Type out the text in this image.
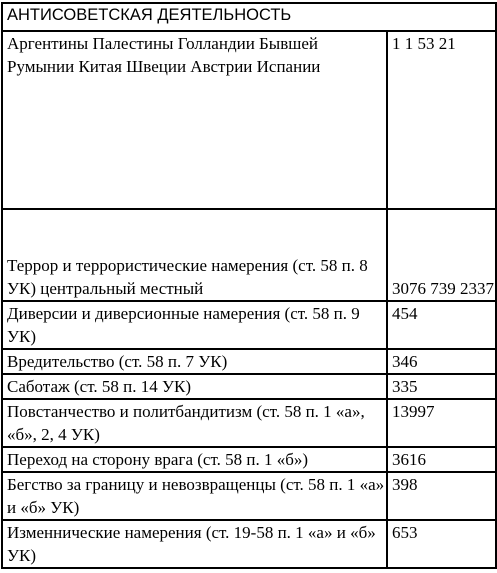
АНТИСОВЕТСКАЯ ДЕЯТЕЛЬНОСТЬ	
Аргентины Палестины Голландии Бывшей Румынии Китая Швеции Австрии Испании	1 1 53 21
Террор и террористические намерения (ст. 58 п. 8 УК) центральный местный	3076 739 2337
Диверсии и диверсионные намерения (ст. 58 п. 9 УК)	454
Вредительство (ст. 58 п. 7 УК)	346
Саботаж (ст. 58 п. 14 УК)	335
Повстанчество и политбандитизм (ст. 58 п. 1 «а», «б», 2, 4 УК)	13997
Переход на сторону врага (ст. 58 п. 1 «б»)	3616
Бегство за границу и невозвращенцы (ст. 58 п. 1 «а» и «б» УК)	398
Изменнические намерения (ст. 19-58 п. 1 «а» и «б» УК)	653
